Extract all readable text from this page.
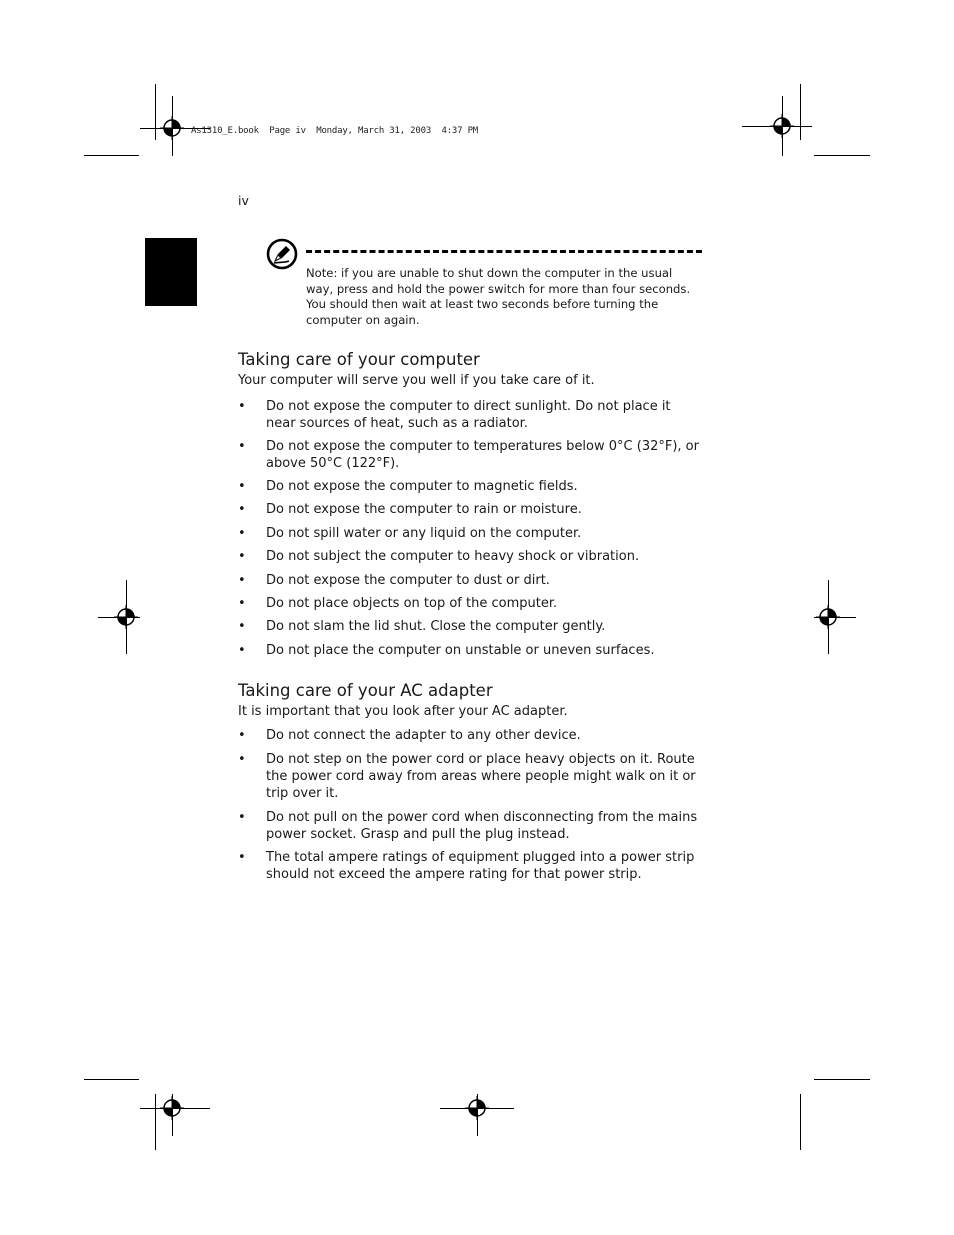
As1310_E.book  Page iv  Monday, March 31, 2003  4:37 PM
iv
Note: if you are unable to shut down the computer in the usual
way, press and hold the power switch for more than four seconds.
You should then wait at least two seconds before turning the
computer on again.
Taking care of your computer

Your computer will serve you well if you take care of it.

• Do not expose the computer to direct sunlight. Do not place it
near sources of heat, such as a radiator.
• Do not expose the computer to temperatures below 0°C (32°F), or
above 50°C (122°F).
• Do not expose the computer to magnetic fields.
• Do not expose the computer to rain or moisture.
• Do not spill water or any liquid on the computer.
• Do not subject the computer to heavy shock or vibration.
• Do not expose the computer to dust or dirt.
• Do not place objects on top of the computer.
• Do not slam the lid shut. Close the computer gently.
• Do not place the computer on unstable or uneven surfaces.
Taking care of your AC adapter

It is important that you look after your AC adapter.

• Do not connect the adapter to any other device.
• Do not step on the power cord or place heavy objects on it. Route
the power cord away from areas where people might walk on it or
trip over it.
• Do not pull on the power cord when disconnecting from the mains
power socket. Grasp and pull the plug instead.
• The total ampere ratings of equipment plugged into a power strip
should not exceed the ampere rating for that power strip.
